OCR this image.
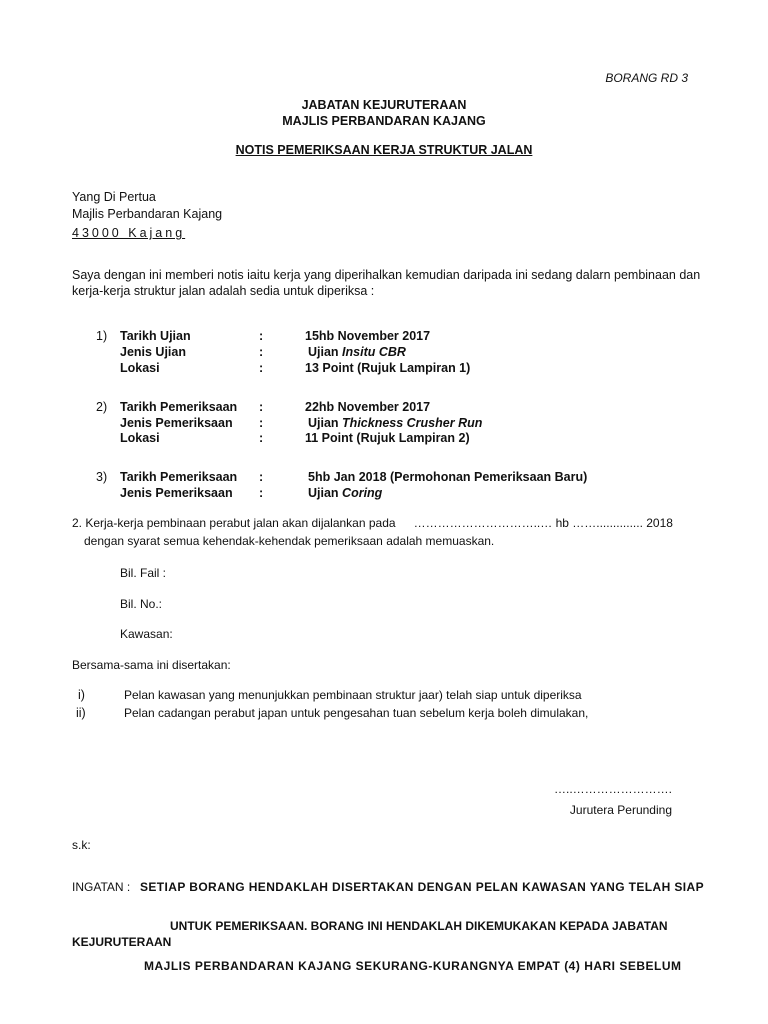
BORANG RD 3
JABATAN KEJURUTERAAN
MAJLIS PERBANDARAN KAJANG
NOTIS PEMERIKSAAN KERJA STRUKTUR JALAN
Yang Di Pertua
Majlis Perbandaran Kajang
43000 Kajang
Saya dengan ini memberi notis iaitu kerja yang diperihalkan kemudian daripada ini sedang dalarn pembinaan dan
kerja-kerja struktur jalan adalah sedia untuk diperiksa :
1) Tarikh Ujian	:	15hb November 2017
Jenis Ujian	:	Ujian Insitu CBR
Lokasi	:	13 Point (Rujuk Lampiran 1)
2) Tarikh Pemeriksaan :	22hb November 2017
Jenis Pemeriksaan :	Ujian Thickness Crusher Run
Lokasi	:	11 Point (Rujuk Lampiran 2)
3) Tarikh Pemeriksaan :	5hb Jan 2018 (Permohonan Pemeriksaan Baru)
Jenis Pemeriksaan :	Ujian Coring
2. Kerja-kerja pembinaan perabut jalan akan dijalankan pada …………………………..… hb …….............. 2018
dengan syarat semua kehendak-kehendak pemeriksaan adalah memuaskan.
Bil. Fail :
Bil. No.:
Kawasan:
Bersama-sama ini disertakan:
i)	Pelan kawasan yang menunjukkan pembinaan struktur jaar) telah siap untuk diperiksa
ii)	Pelan cadangan perabut japan untuk pengesahan tuan sebelum kerja boleh dimulakan,
…..…………………….
Jurutera Perunding
s.k:
INGATAN : SETIAP BORANG HENDAKLAH DISERTAKAN DENGAN PELAN KAWASAN YANG TELAH SIAP
UNTUK PEMERIKSAAN. BORANG INI HENDAKLAH DIKEMUKAKAN KEPADA JABATAN
KEJURUTERAAN
MAJLIS PERBANDARAN KAJANG SEKURANG-KURANGNYA EMPAT (4) HARI SEBELUM
